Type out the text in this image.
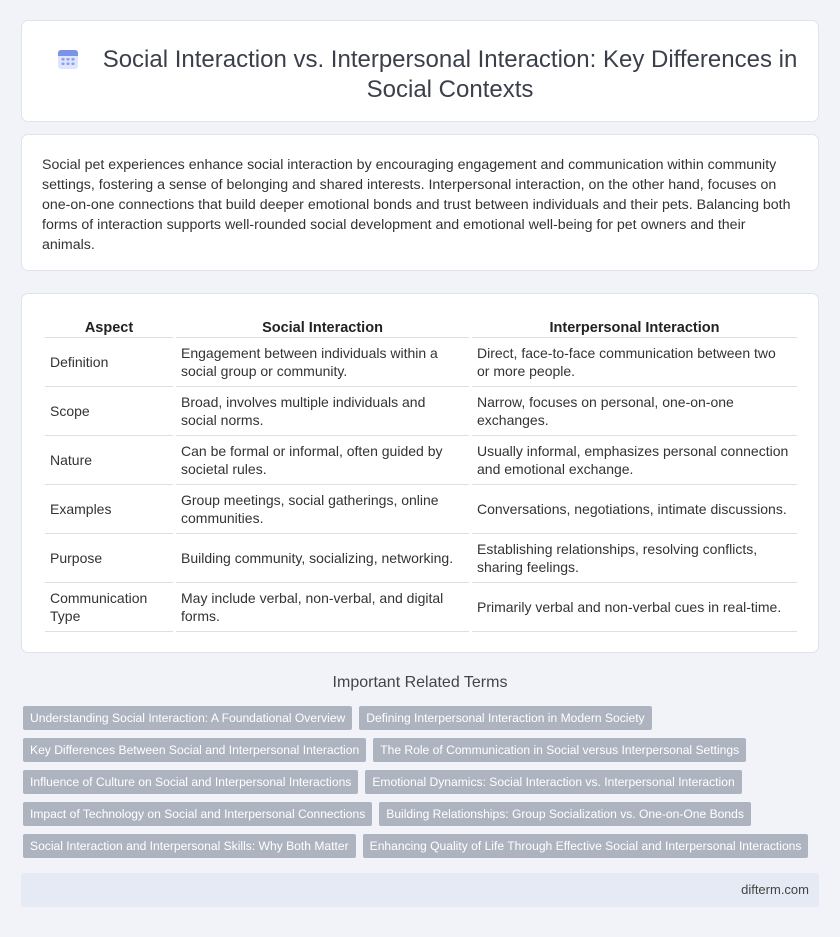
Social Interaction vs. Interpersonal Interaction: Key Differences in Social Contexts

Social pet experiences enhance social interaction by encouraging engagement and communication within community settings, fostering a sense of belonging and shared interests. Interpersonal interaction, on the other hand, focuses on one-on-one connections that build deeper emotional bonds and trust between individuals and their pets. Balancing both forms of interaction supports well-rounded social development and emotional well-being for pet owners and their animals.

Aspect	Social Interaction	Interpersonal Interaction
Definition	Engagement between individuals within a social group or community.	Direct, face-to-face communication between two or more people.
Scope	Broad, involves multiple individuals and social norms.	Narrow, focuses on personal, one-on-one exchanges.
Nature	Can be formal or informal, often guided by societal rules.	Usually informal, emphasizes personal connection and emotional exchange.
Examples	Group meetings, social gatherings, online communities.	Conversations, negotiations, intimate discussions.
Purpose	Building community, socializing, networking.	Establishing relationships, resolving conflicts, sharing feelings.
Communication Type	May include verbal, non-verbal, and digital forms.	Primarily verbal and non-verbal cues in real-time.
Important Related Terms
Understanding Social Interaction: A Foundational Overview Defining Interpersonal Interaction in Modern Society
Key Differences Between Social and Interpersonal Interaction The Role of Communication in Social versus Interpersonal Settings
Influence of Culture on Social and Interpersonal Interactions Emotional Dynamics: Social Interaction vs. Interpersonal Interaction
Impact of Technology on Social and Interpersonal Connections Building Relationships: Group Socialization vs. One-on-One Bonds
Social Interaction and Interpersonal Skills: Why Both Matter Enhancing Quality of Life Through Effective Social and Interpersonal Interactions
difterm.com
